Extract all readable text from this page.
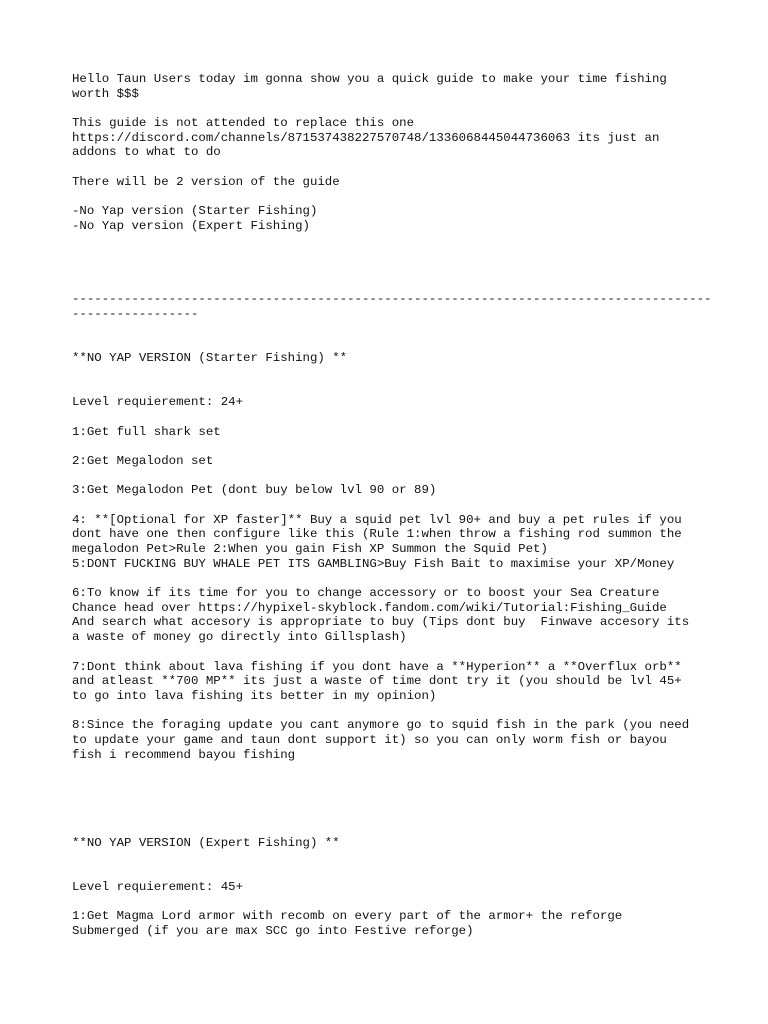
Hello Taun Users today im gonna show you a quick guide to make your time fishing
worth $$$
This guide is not attended to replace this one
https://discord.com/channels/871537438227570748/1336068445044736063 its just an
addons to what to do
There will be 2 version of the guide
-No Yap version (Starter Fishing)
-No Yap version (Expert Fishing)
--------------------------------------------------------------------------------------
-----------------
**NO YAP VERSION (Starter Fishing) **
Level requierement: 24+
1:Get full shark set
2:Get Megalodon set
3:Get Megalodon Pet (dont buy below lvl 90 or 89)
4: **[Optional for XP faster]** Buy a squid pet lvl 90+ and buy a pet rules if you
dont have one then configure like this (Rule 1:when throw a fishing rod summon the
megalodon Pet>Rule 2:When you gain Fish XP Summon the Squid Pet)
5:DONT FUCKING BUY WHALE PET ITS GAMBLING>Buy Fish Bait to maximise your XP/Money
6:To know if its time for you to change accessory or to boost your Sea Creature
Chance head over https://hypixel-skyblock.fandom.com/wiki/Tutorial:Fishing_Guide
And search what accesory is appropriate to buy (Tips dont buy  Finwave accesory its
a waste of money go directly into Gillsplash)
7:Dont think about lava fishing if you dont have a **Hyperion** a **Overflux orb**
and atleast **700 MP** its just a waste of time dont try it (you should be lvl 45+
to go into lava fishing its better in my opinion)
8:Since the foraging update you cant anymore go to squid fish in the park (you need
to update your game and taun dont support it) so you can only worm fish or bayou
fish i recommend bayou fishing
**NO YAP VERSION (Expert Fishing) **
Level requierement: 45+
1:Get Magma Lord armor with recomb on every part of the armor+ the reforge
Submerged (if you are max SCC go into Festive reforge)
